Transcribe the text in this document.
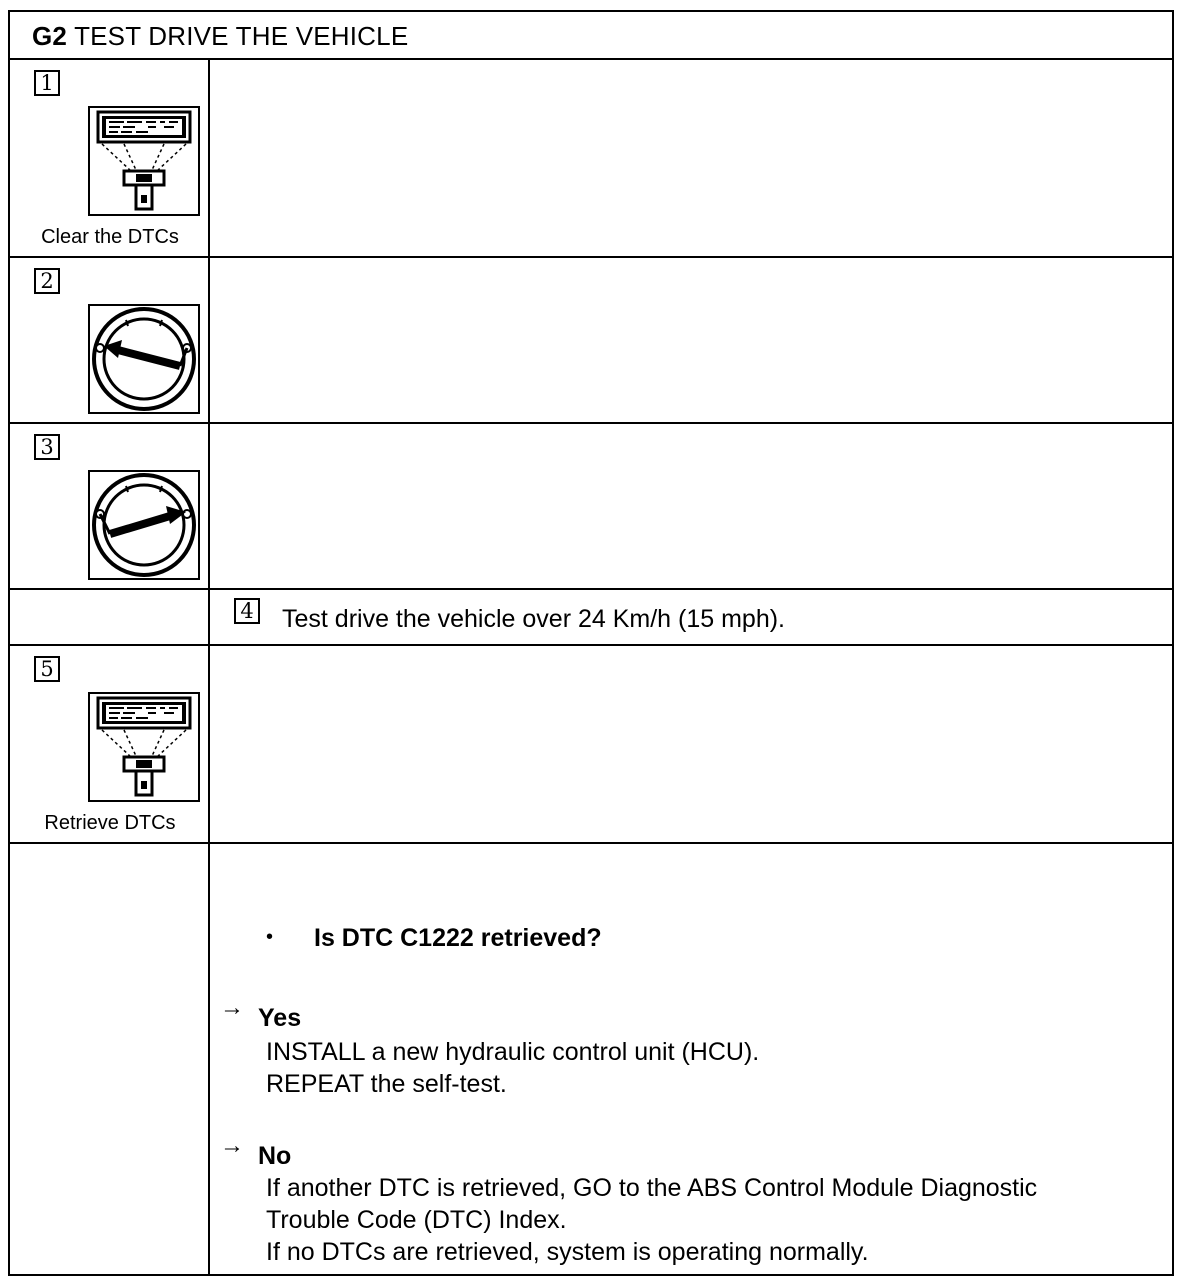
G2 TEST DRIVE THE VEHICLE
1
Clear the DTCs
2
3
4 Test drive the vehicle over 24 Km/h (15 mph).
5
Retrieve DTCs
• Is DTC C1222 retrieved?
→ Yes
INSTALL a new hydraulic control unit (HCU).
REPEAT the self-test.
→ No
If another DTC is retrieved, GO to the ABS Control Module Diagnostic
Trouble Code (DTC) Index.
If no DTCs are retrieved, system is operating normally.
